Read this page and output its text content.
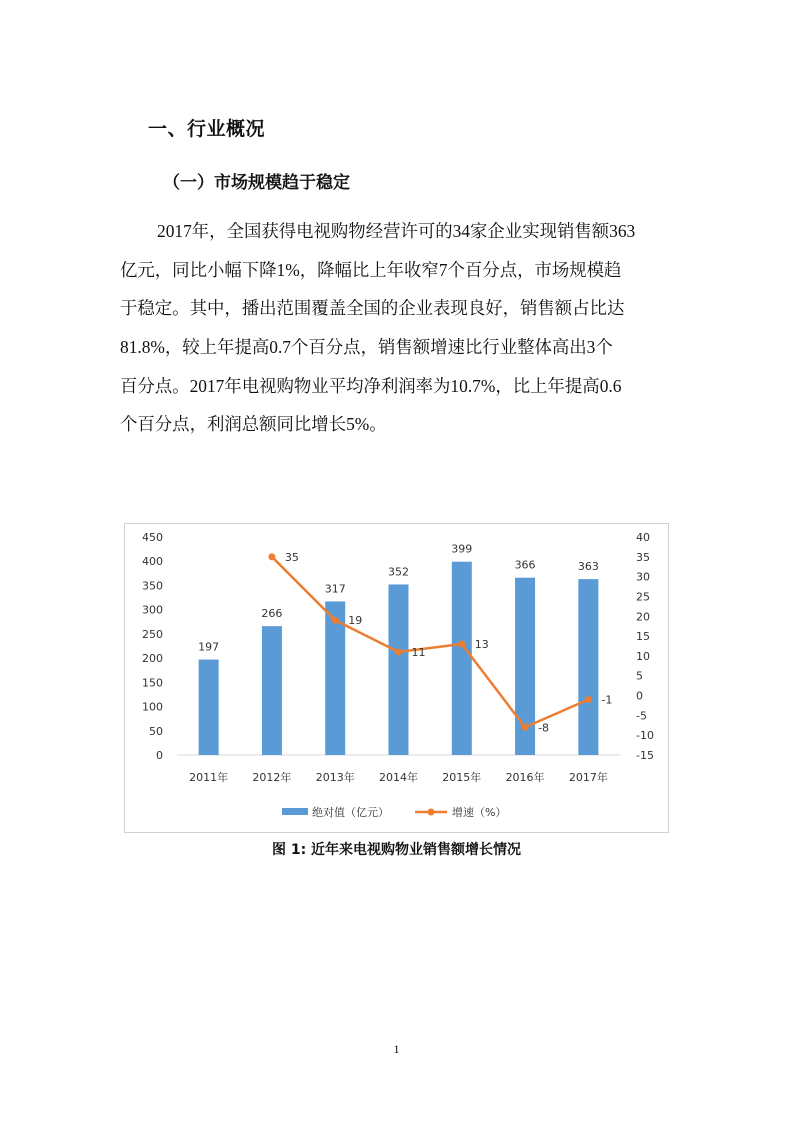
一、行业概况
（一）市场规模趋于稳定
2017年，全国获得电视购物经营许可的34家企业实现销售额363
亿元，同比小幅下降1%，降幅比上年收窄7个百分点，市场规模趋
于稳定。其中，播出范围覆盖全国的企业表现良好，销售额占比达
81.8%，较上年提高0.7个百分点，销售额增速比行业整体高出3个
百分点。2017年电视购物业平均净利润率为10.7%，比上年提高0.6
个百分点，利润总额同比增长5%。
0
50
100
150
200
250
300
350
400
450
-15
-10
-5
0
5
10
15
20
25
30
35
40
197
266
317
352
399
366	363
2011年 2012年 2013年 2014年 2015年 2016年 2017年
35
19
11
13
-8
-1
绝对值（亿元）	增速（%）
图 1: 近年来电视购物业销售额增长情况
1
